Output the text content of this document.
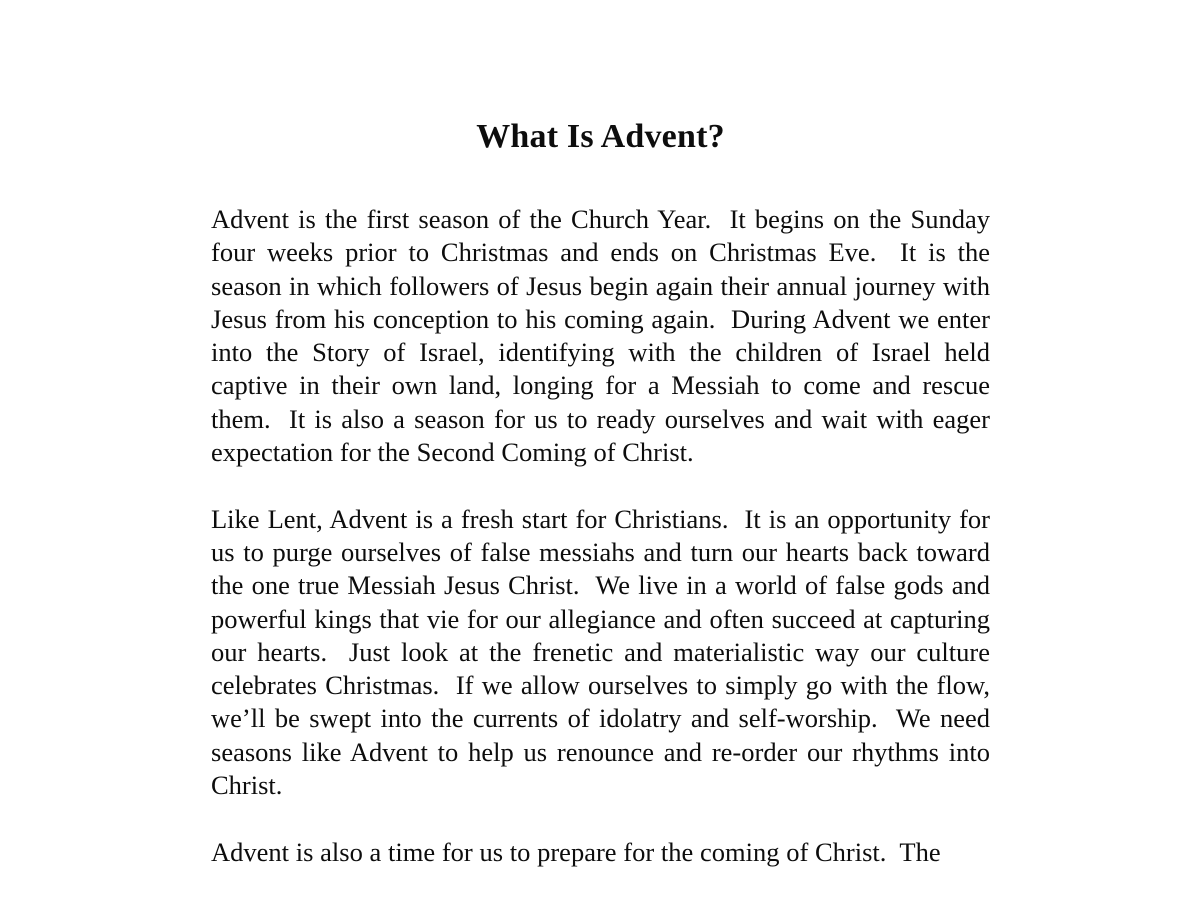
What Is Advent?

Advent is the first season of the Church Year.  It begins on the Sunday four weeks prior to Christmas and ends on Christmas Eve.  It is the season in which followers of Jesus begin again their annual journey with Jesus from his conception to his coming again.  During Advent we enter into the Story of Israel, identifying with the children of Israel held captive in their own land, longing for a Messiah to come and rescue them.  It is also a season for us to ready ourselves and wait with eager expectation for the Second Coming of Christ.

Like Lent, Advent is a fresh start for Christians.  It is an opportunity for us to purge ourselves of false messiahs and turn our hearts back toward the one true Messiah Jesus Christ.  We live in a world of false gods and powerful kings that vie for our allegiance and often succeed at capturing our hearts.  Just look at the frenetic and materialistic way our culture celebrates Christmas.  If we allow ourselves to simply go with the flow, we’ll be swept into the currents of idolatry and self-worship.  We need seasons like Advent to help us renounce and re-order our rhythms into Christ.

Advent is also a time for us to prepare for the coming of Christ.  The
